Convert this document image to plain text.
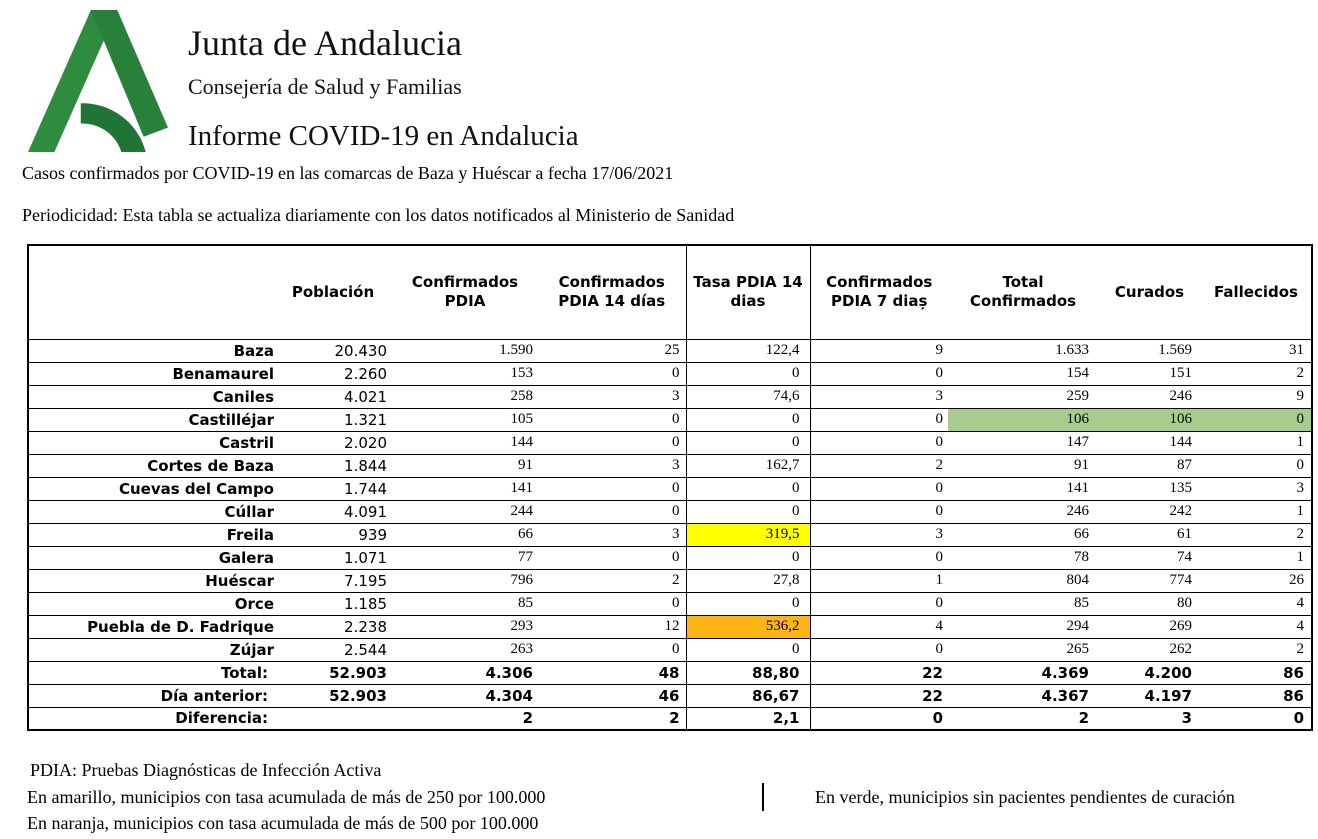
Junta de Andalucia
Consejería de Salud y Familias
Informe COVID-19 en Andalucia
Casos confirmados por COVID-19 en las comarcas de Baza y Huéscar a fecha 17/06/2021
Periodicidad: Esta tabla se actualiza diariamente con los datos notificados al Ministerio de Sanidad
	Población	Confirmados PDIA	Confirmados PDIA 14 días	Tasa PDIA 14 dias	Confirmados PDIA 7 diaș	Total Confirmados	Curados	Fallecidos
Baza	20.430	1.590	25	122,4	9	1.633	1.569	31
Benamaurel	2.260	153	0	0	0	154	151	2
Caniles	4.021	258	3	74,6	3	259	246	9
Castilléjar	1.321	105	0	0	0	106	106	0
Castril	2.020	144	0	0	0	147	144	1
Cortes de Baza	1.844	91	3	162,7	2	91	87	0
Cuevas del Campo	1.744	141	0	0	0	141	135	3
Cúllar	4.091	244	0	0	0	246	242	1
Freila	939	66	3	319,5	3	66	61	2
Galera	1.071	77	0	0	0	78	74	1
Huéscar	7.195	796	2	27,8	1	804	774	26
Orce	1.185	85	0	0	0	85	80	4
Puebla de D. Fadrique	2.238	293	12	536,2	4	294	269	4
Zújar	2.544	263	0	0	0	265	262	2
Total:	52.903	4.306	48	88,80	22	4.369	4.200	86
Día anterior:	52.903	4.304	46	86,67	22	4.367	4.197	86
Diferencia:		2	2	2,1	0	2	3	0
PDIA: Pruebas Diagnósticas de Infección Activa
En amarillo, municipios con tasa acumulada de más de 250 por 100.000
En naranja, municipios con tasa acumulada de más de 500 por 100.000
En verde, municipios sin pacientes pendientes de curación
